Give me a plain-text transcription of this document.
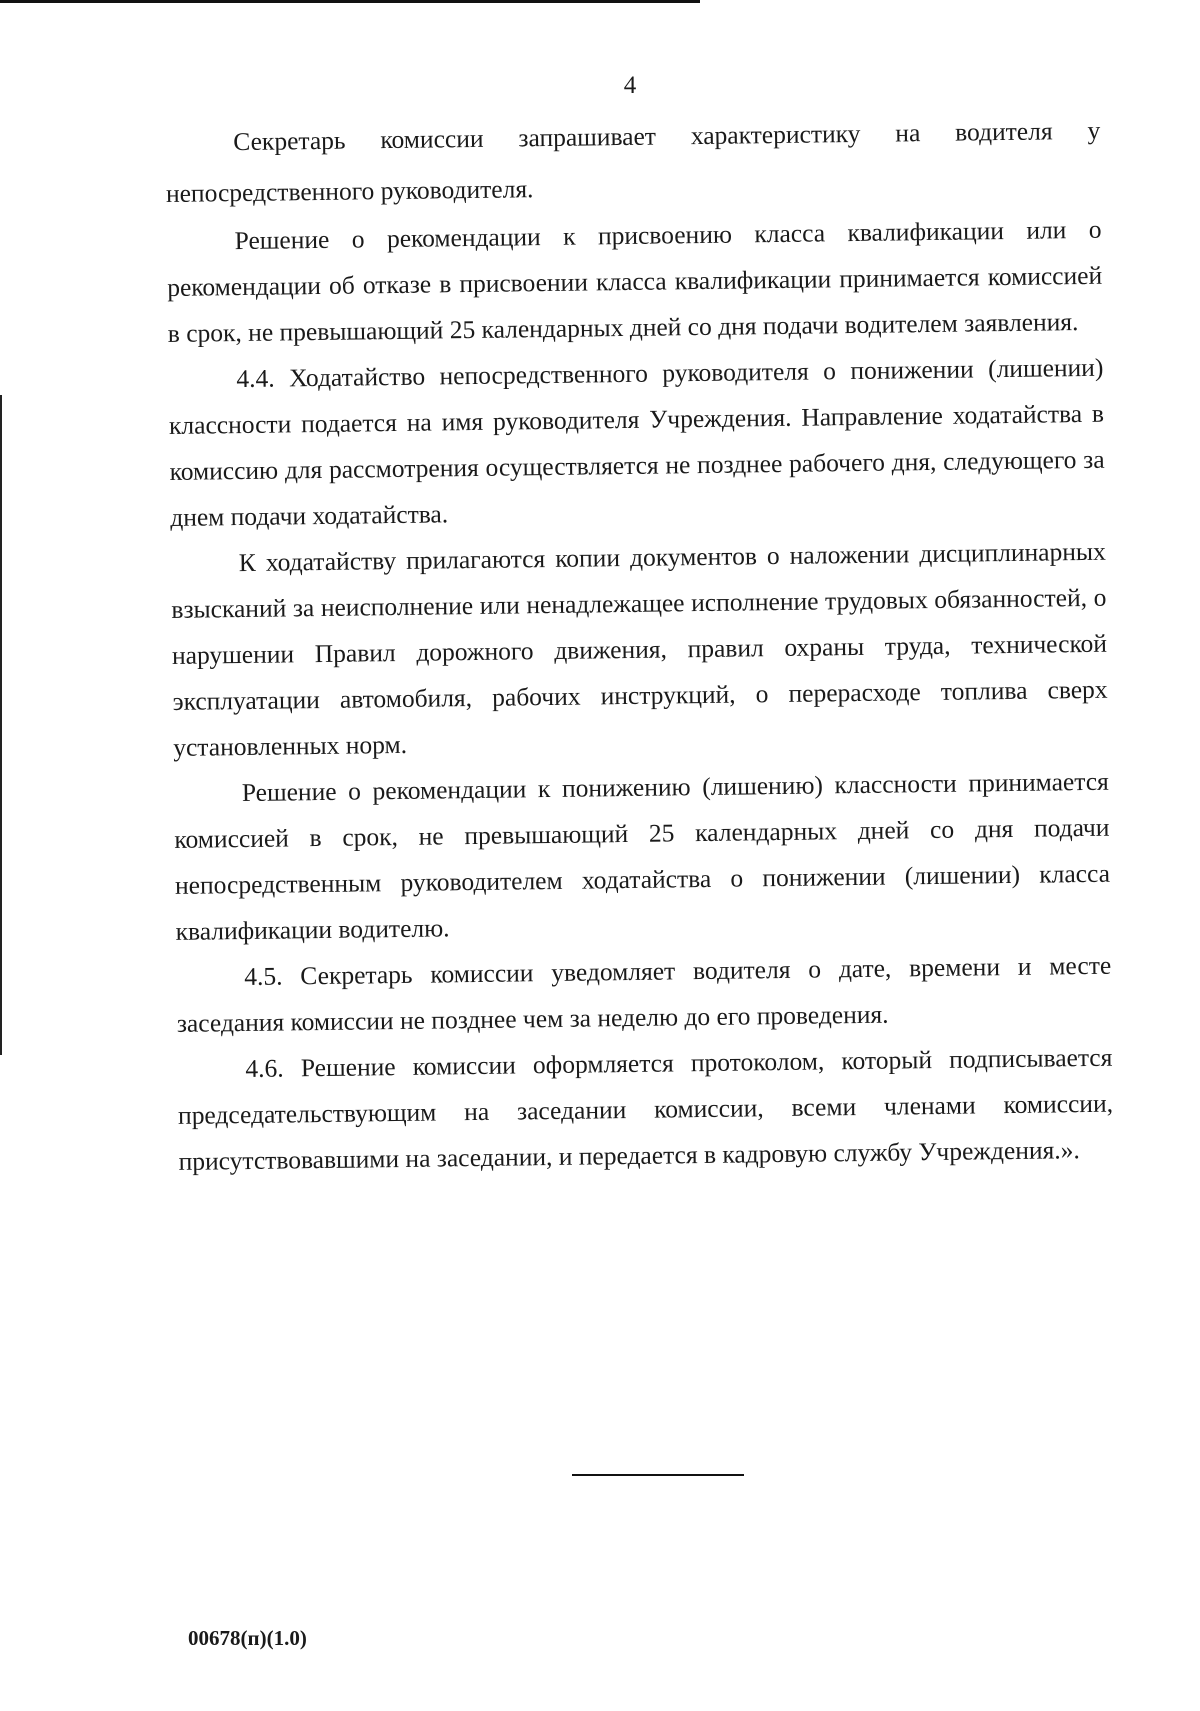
4

Секретарь комиссии запрашивает характеристику на водителя у непосредственного руководителя.

Решение о рекомендации к присвоению класса квалификации или о рекомендации об отказе в присвоении класса квалификации принимается комиссией в срок, не превышающий 25 календарных дней со дня подачи водителем заявления.

4.4. Ходатайство непосредственного руководителя о понижении (лишении) классности подается на имя руководителя Учреждения. Направление ходатайства в комиссию для рассмотрения осуществляется не позднее рабочего дня, следующего за днем подачи ходатайства.

К ходатайству прилагаются копии документов о наложении дисциплинарных взысканий за неисполнение или ненадлежащее исполнение трудовых обязанностей, о нарушении Правил дорожного движения, правил охраны труда, технической эксплуатации автомобиля, рабочих инструкций, о перерасходе топлива сверх установленных норм.

Решение о рекомендации к понижению (лишению) классности принимается комиссией в срок, не превышающий 25 календарных дней со дня подачи непосредственным руководителем ходатайства о понижении (лишении) класса квалификации водителю.

4.5. Секретарь комиссии уведомляет водителя о дате, времени и месте заседания комиссии не позднее чем за неделю до его проведения.

4.6. Решение комиссии оформляется протоколом, который подписывается председательствующим на заседании комиссии, всеми членами комиссии, присутствовавшими на заседании, и передается в кадровую службу Учреждения.».

00678(п)(1.0)
